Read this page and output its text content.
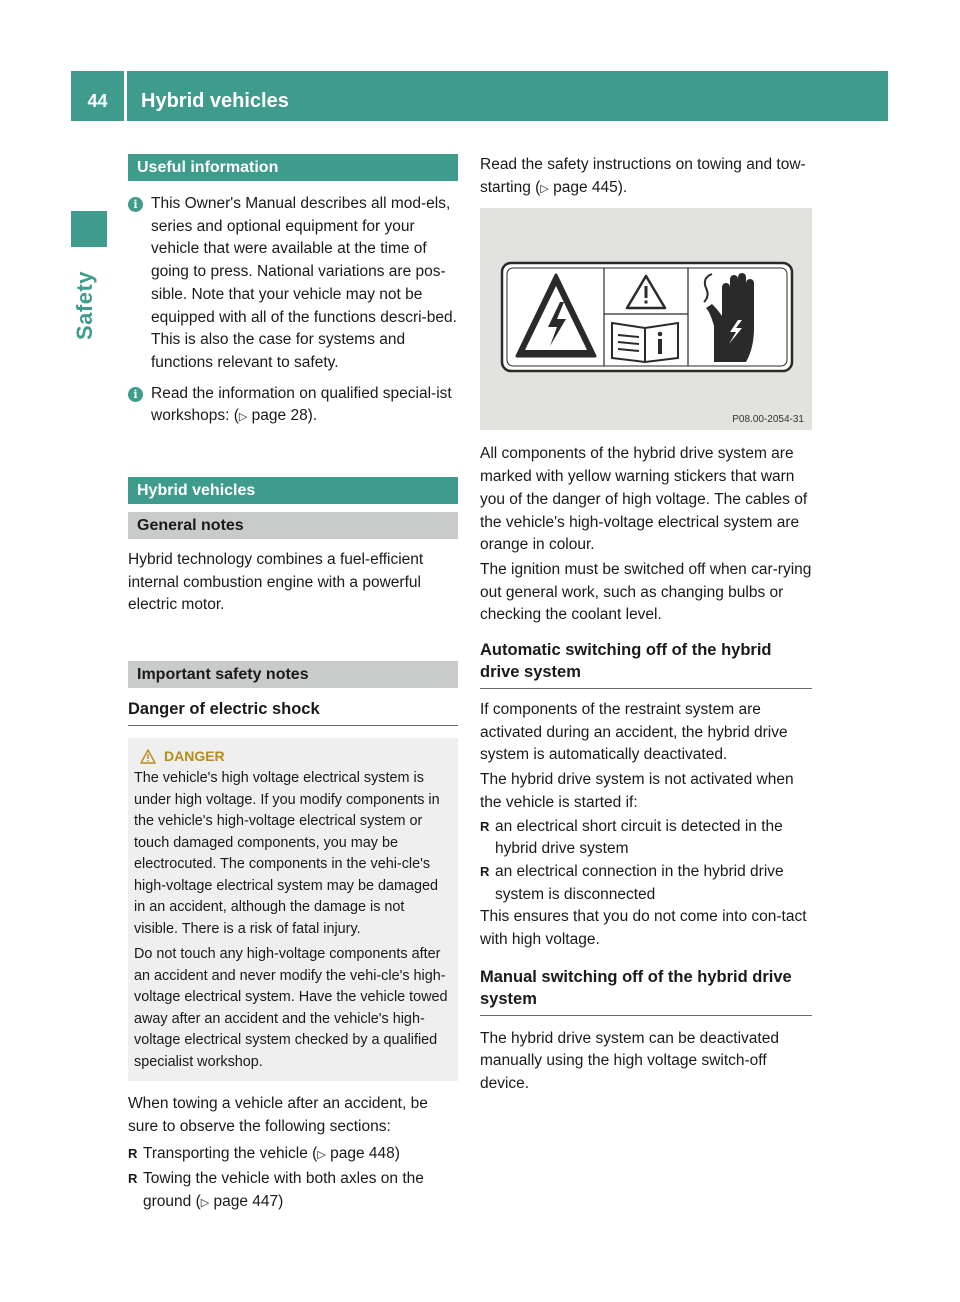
44	Hybrid vehicles
Safety
Useful information
i This Owner's Manual describes all mod-els, series and optional equipment for your vehicle that were available at the time of going to press. National variations are pos-sible. Note that your vehicle may not be equipped with all of the functions descri-bed. This is also the case for systems and functions relevant to safety.

i Read the information on qualified special-ist workshops: (▷ page 28).

Hybrid vehicles
General notes

Hybrid technology combines a fuel-efficient internal combustion engine with a powerful electric motor.

Important safety notes
Danger of electric shock
DANGER

The vehicle's high voltage electrical system is under high voltage. If you modify components in the vehicle's high-voltage electrical system or touch damaged components, you may be electrocuted. The components in the vehi-cle's high-voltage electrical system may be damaged in an accident, although the damage is not visible. There is a risk of fatal injury.

Do not touch any high-voltage components after an accident and never modify the vehi-cle's high-voltage electrical system. Have the vehicle towed away after an accident and the vehicle's high-voltage electrical system checked by a qualified specialist workshop.

When towing a vehicle after an accident, be sure to observe the following sections:

R Transporting the vehicle (▷ page 448)

R Towing the vehicle with both axles on the ground (▷ page 447)

Read the safety instructions on towing and tow-starting (▷ page 445).

P08.00-2054-31

All components of the hybrid drive system are marked with yellow warning stickers that warn you of the danger of high voltage. The cables of the vehicle's high-voltage electrical system are orange in colour.

The ignition must be switched off when car-rying out general work, such as changing bulbs or checking the coolant level.

Automatic switching off of the hybrid drive system

If components of the restraint system are activated during an accident, the hybrid drive system is automatically deactivated.

The hybrid drive system is not activated when the vehicle is started if:

R an electrical short circuit is detected in the hybrid drive system

R an electrical connection in the hybrid drive system is disconnected

This ensures that you do not come into con-tact with high voltage.

Manual switching off of the hybrid drive system

The hybrid drive system can be deactivated manually using the high voltage switch-off device.
